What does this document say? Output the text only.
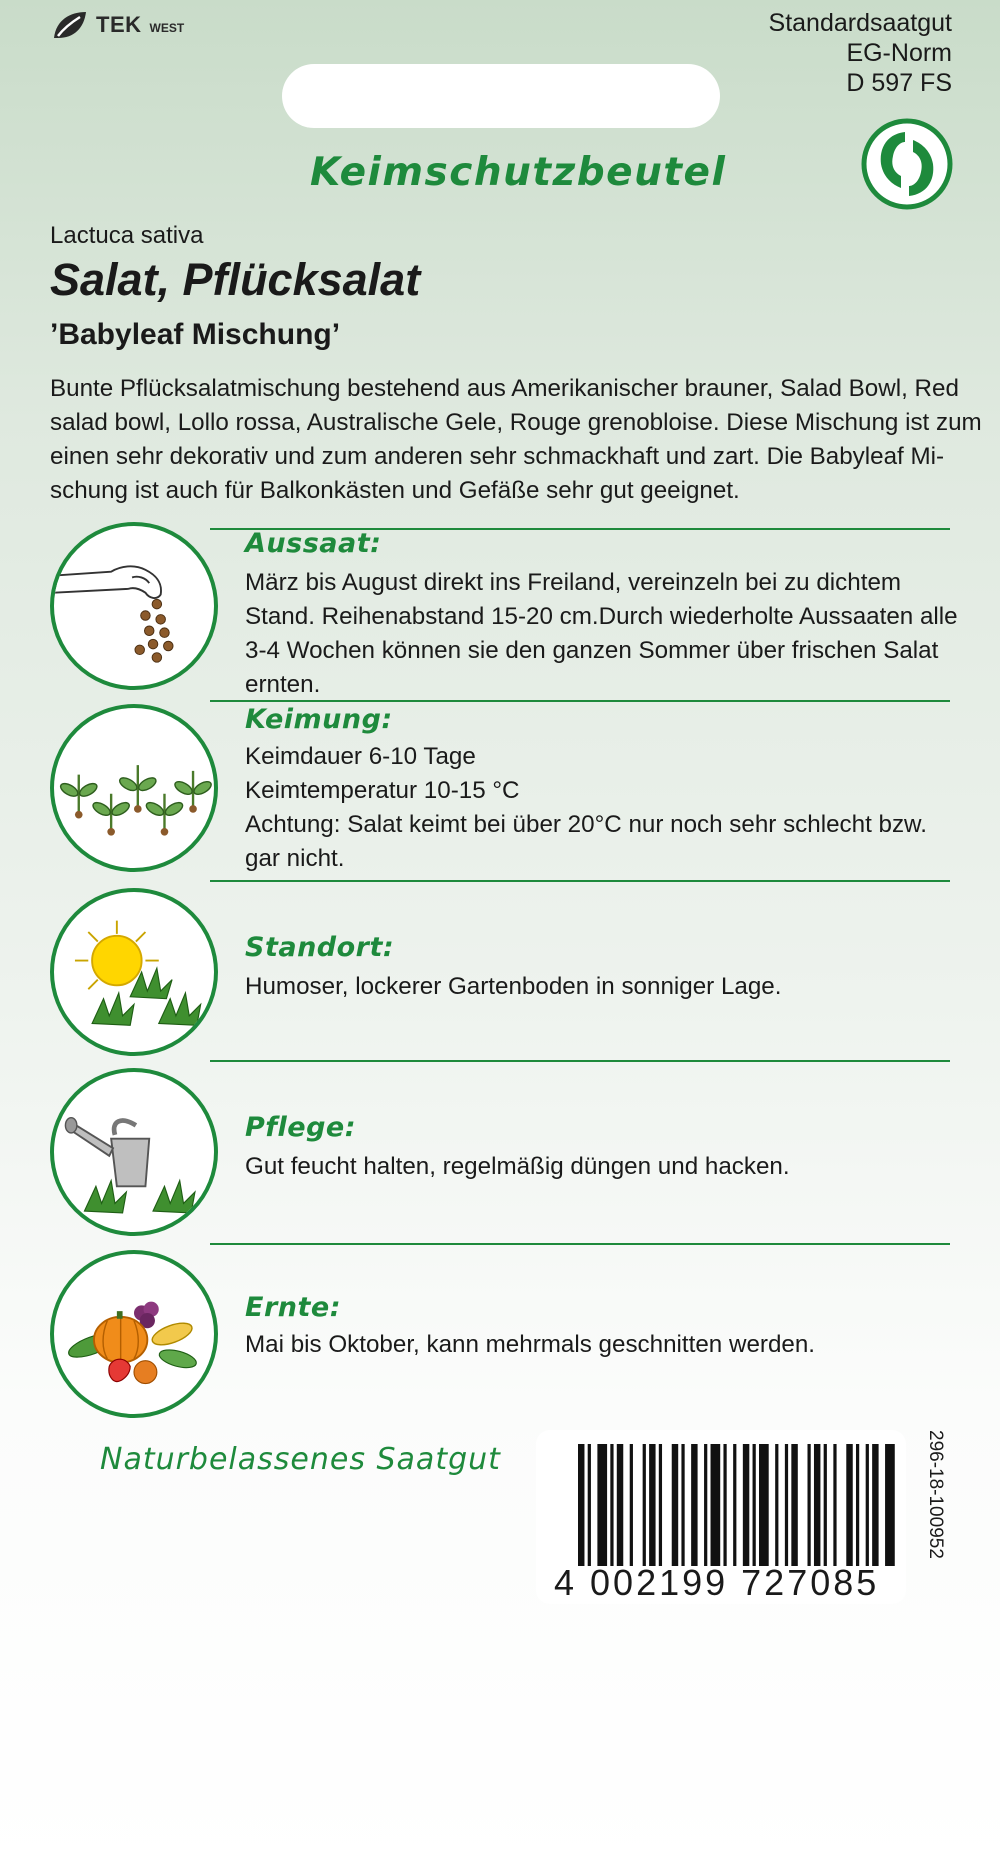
TEK WEST	Standardsaatgut
EG-Norm
D 597 FS
Keimschutzbeutel
Lactuca sativa
Salat, Pflücksalat
’Babyleaf Mischung’
Bunte Pflücksalatmischung bestehend aus Amerikanischer brauner, Salad Bowl, Red
salad bowl, Lollo rossa, Australische Gele, Rouge grenobloise. Diese Mischung ist zum
einen sehr dekorativ und zum anderen sehr schmackhaft und zart. Die Babyleaf Mi-
schung ist auch für Balkonkästen und Gefäße sehr gut geeignet.
Aussaat:
März bis August direkt ins Freiland, vereinzeln bei zu dichtem
Stand. Reihenabstand 15-20 cm.Durch wiederholte Aussaaten alle
3-4 Wochen können sie den ganzen Sommer über frischen Salat
ernten.
Keimung:
Keimdauer 6-10 Tage
Keimtemperatur 10-15 °C
Achtung: Salat keimt bei über 20°C nur noch sehr schlecht bzw.
gar nicht.
Standort:
Humoser, lockerer Gartenboden in sonniger Lage.
Pflege:
Gut feucht halten, regelmäßig düngen und hacken.
Ernte:
Mai bis Oktober, kann mehrmals geschnitten werden.
Naturbelassenes Saatgut
4 002199 727085
296-18-100952
